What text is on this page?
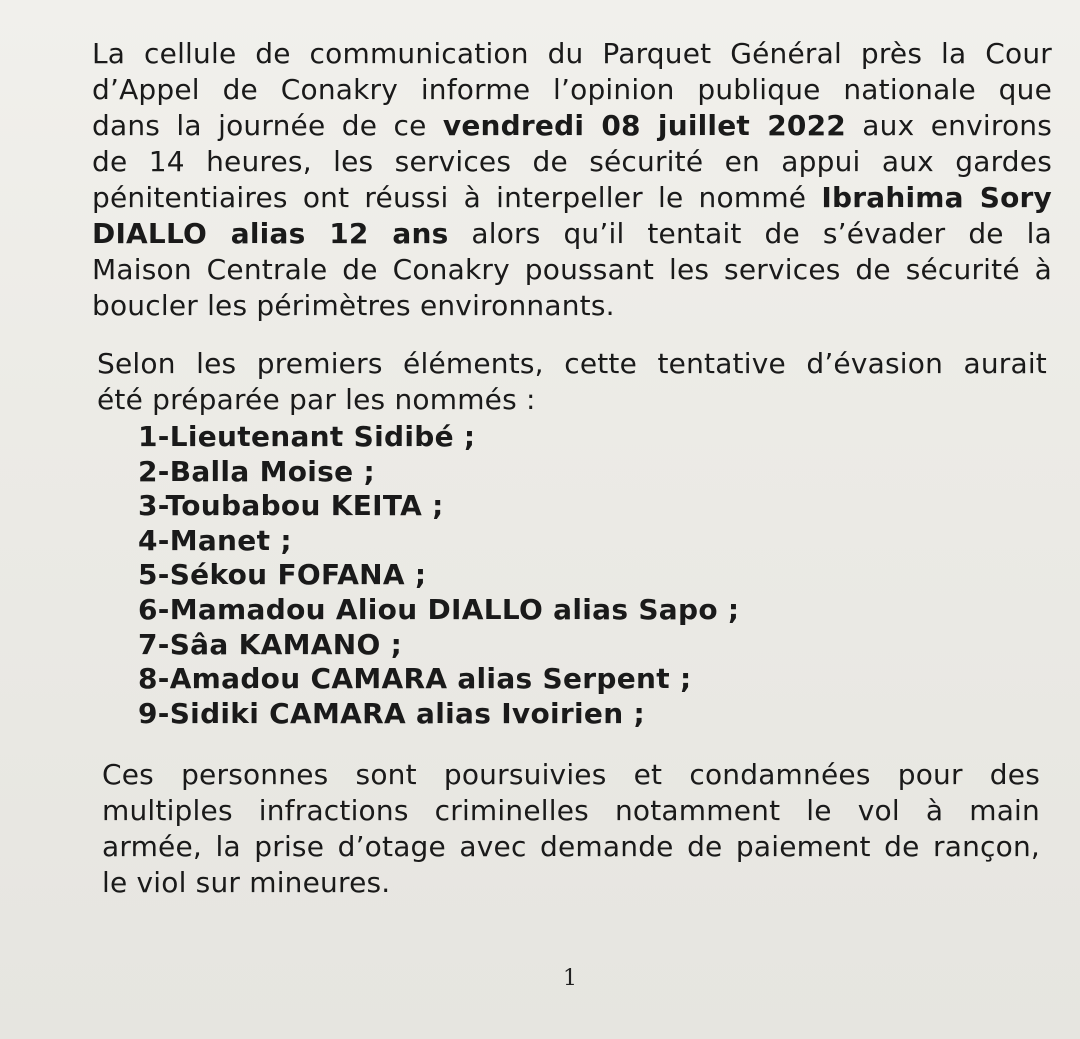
La cellule de communication du Parquet Général près la Cour
d’Appel de Conakry informe l’opinion publique nationale que
dans la journée de ce vendredi 08 juillet 2022 aux environs
de 14 heures, les services de sécurité en appui aux gardes
pénitentiaires ont réussi à interpeller le nommé Ibrahima Sory
DIALLO alias 12 ans alors qu’il tentait de s’évader de la
Maison Centrale de Conakry poussant les services de sécurité à
boucler les périmètres environnants.

Selon les premiers éléments, cette tentative d’évasion aurait
été préparée par les nommés :

1-Lieutenant Sidibé ;
2-Balla Moise ;
3-Toubabou KEITA ;
4-Manet ;
5-Sékou FOFANA ;
6-Mamadou Aliou DIALLO alias Sapo ;
7-Sâa KAMANO ;
8-Amadou CAMARA alias Serpent ;
9-Sidiki CAMARA alias Ivoirien ;

Ces personnes sont poursuivies et condamnées pour des
multiples infractions criminelles notamment le vol à main
armée, la prise d’otage avec demande de paiement de rançon,
le viol sur mineures.

1
